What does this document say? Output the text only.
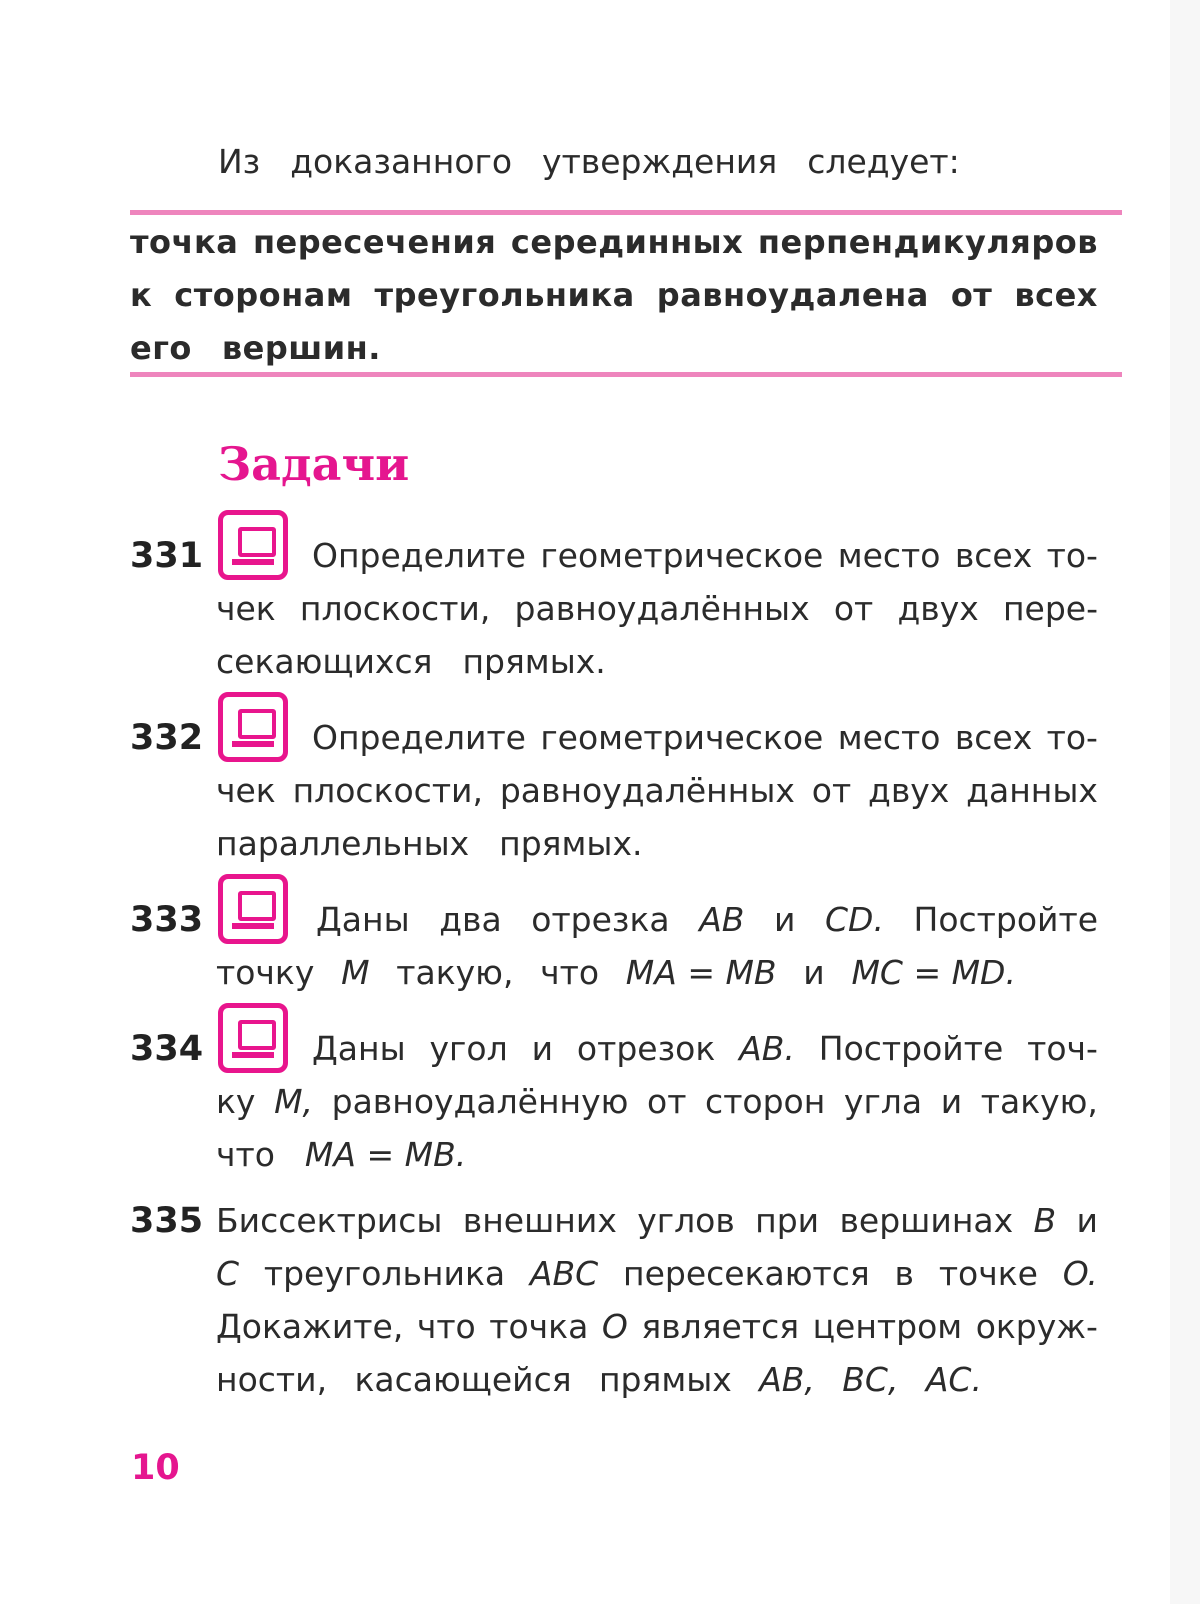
Из доказанного утверждения следует:
точка пересечения серединных перпендикуляров
к сторонам треугольника равноудалена от всех
его вершин.
Задачи
331	Определите геометрическое место всех то-
чек плоскости, равноудалённых от двух пере-
секающихся прямых.
332	Определите геометрическое место всех то-
чек плоскости, равноудалённых от двух данных
параллельных прямых.
333	Даны два отрезка AB и CD. Постройте
точку M такую, что MA = MB и MC = MD.
334	Даны угол и отрезок AB. Постройте точ-
ку M, равноудалённую от сторон угла и такую,
что MA = MB.
335 Биссектрисы внешних углов при вершинах B и
C треугольника ABC пересекаются в точке O.
Докажите, что точка O является центром окруж-
ности, касающейся прямых AB, BC, AC.
10
